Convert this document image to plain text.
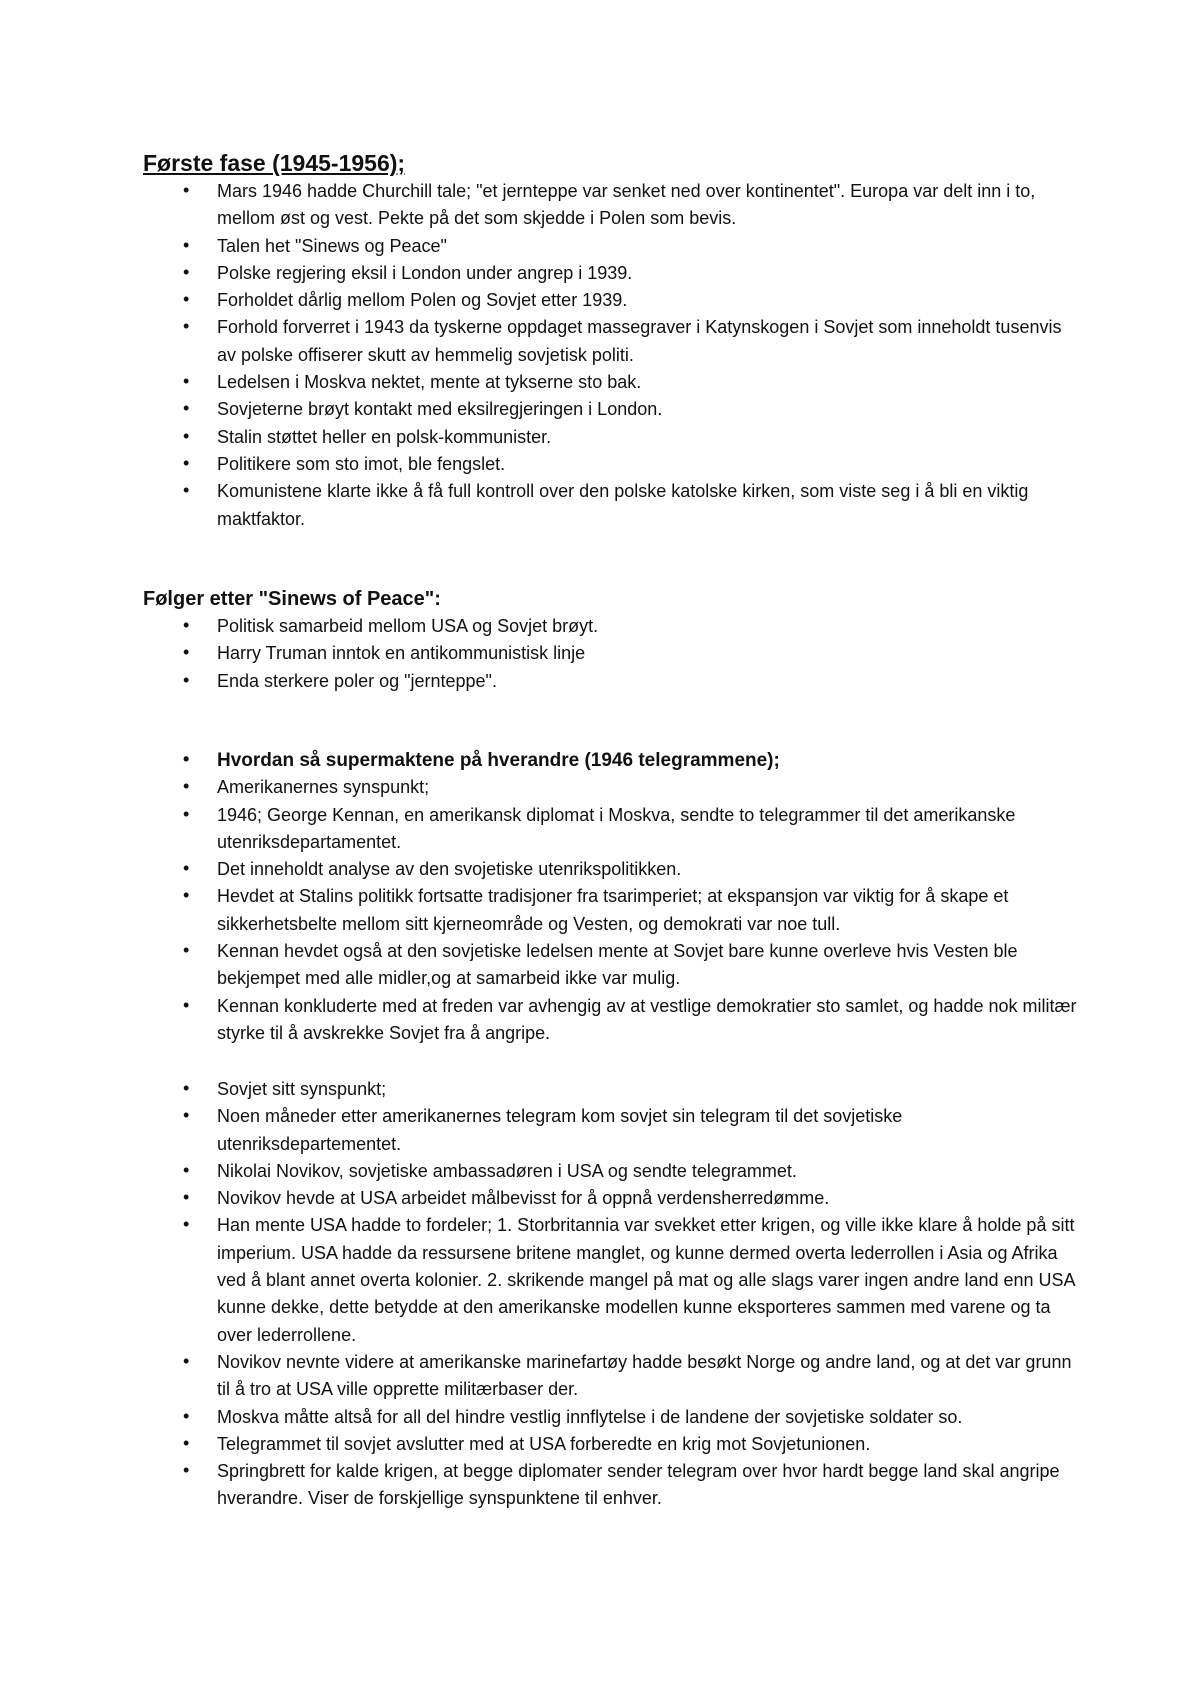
Første fase (1945-1956);
• Mars 1946 hadde Churchill tale; "et jernteppe var senket ned over kontinentet". Europa var delt inn i to, mellom øst og vest. Pekte på det som skjedde i Polen som bevis.
• Talen het "Sinews og Peace"
• Polske regjering eksil i London under angrep i 1939.
• Forholdet dårlig mellom Polen og Sovjet etter 1939.
• Forhold forverret i 1943 da tyskerne oppdaget massegraver i Katynskogen i Sovjet som inneholdt tusenvis av polske offiserer skutt av hemmelig sovjetisk politi.
• Ledelsen i Moskva nektet, mente at tykserne sto bak.
• Sovjeterne brøyt kontakt med eksilregjeringen i London.
• Stalin støttet heller en polsk-kommunister.
• Politikere som sto imot, ble fengslet.
• Komunistene klarte ikke å få full kontroll over den polske katolske kirken, som viste seg i å bli en viktig maktfaktor.
Følger etter "Sinews of Peace":
• Politisk samarbeid mellom USA og Sovjet brøyt.
• Harry Truman inntok en antikommunistisk linje
• Enda sterkere poler og "jernteppe".
• Hvordan så supermaktene på hverandre (1946 telegrammene);
• Amerikanernes synspunkt;
• 1946; George Kennan, en amerikansk diplomat i Moskva, sendte to telegrammer til det amerikanske utenriksdepartamentet.
• Det inneholdt analyse av den svojetiske utenrikspolitikken.
• Hevdet at Stalins politikk fortsatte tradisjoner fra tsarimperiet; at ekspansjon var viktig for å skape et sikkerhetsbelte mellom sitt kjerneområde og Vesten, og demokrati var noe tull.
• Kennan hevdet også at den sovjetiske ledelsen mente at Sovjet bare kunne overleve hvis Vesten ble bekjempet med alle midler,og at samarbeid ikke var mulig.
• Kennan konkluderte med at freden var avhengig av at vestlige demokratier sto samlet, og hadde nok militær styrke til å avskrekke Sovjet fra å angripe.
• Sovjet sitt synspunkt;
• Noen måneder etter amerikanernes telegram kom sovjet sin telegram til det sovjetiske utenriksdepartementet.
• Nikolai Novikov, sovjetiske ambassadøren i USA og sendte telegrammet.
• Novikov hevde at USA arbeidet målbevisst for å oppnå verdensherredømme.
• Han mente USA hadde to fordeler; 1. Storbritannia var svekket etter krigen, og ville ikke klare å holde på sitt imperium. USA hadde da ressursene britene manglet, og kunne dermed overta lederrollen i Asia og Afrika ved å blant annet overta kolonier. 2. skrikende mangel på mat og alle slags varer ingen andre land enn USA kunne dekke, dette betydde at den amerikanske modellen kunne eksporteres sammen med varene og ta over lederrollene.
• Novikov nevnte videre at amerikanske marinefartøy hadde besøkt Norge og andre land, og at det var grunn til å tro at USA ville opprette militærbaser der.
• Moskva måtte altså for all del hindre vestlig innflytelse i de landene der sovjetiske soldater so.
• Telegrammet til sovjet avslutter med at USA forberedte en krig mot Sovjetunionen.
• Springbrett for kalde krigen, at begge diplomater sender telegram over hvor hardt begge land skal angripe hverandre. Viser de forskjellige synspunktene til enhver.
